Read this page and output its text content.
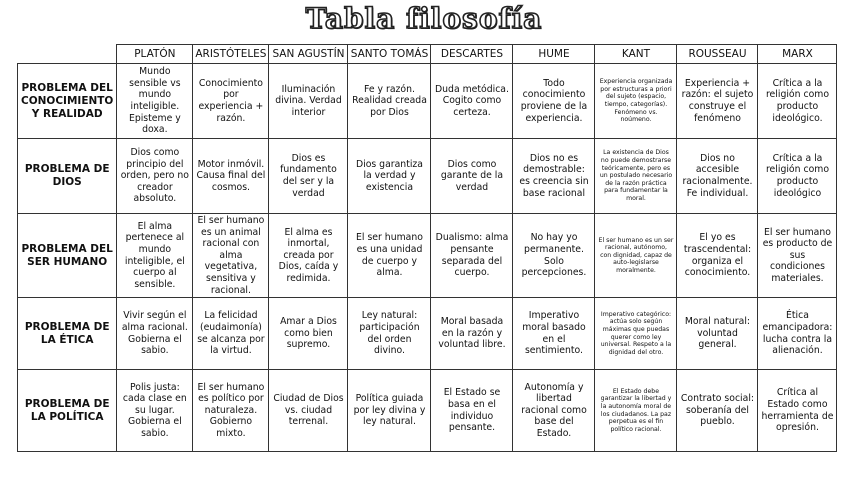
Tabla filosofía
	PLATÓN	ARISTÓTELES	SAN AGUSTÍN	SANTO TOMÁS	DESCARTES	HUME	KANT	ROUSSEAU	MARX
PROBLEMA DEL CONOCIMIENTO Y REALIDAD	Mundo sensible vs mundo inteligible. Episteme y doxa.	Conocimiento por experiencia + razón.	Iluminación divina. Verdad interior	Fe y razón. Realidad creada por Dios	Duda metódica. Cogito como certeza.	Todo conocimiento proviene de la experiencia.	Experiencia organizada por estructuras a priori del sujeto (espacio, tiempo, categorías). Fenómeno vs. noúmeno.	Experiencia + razón: el sujeto construye el fenómeno	Crítica a la religión como producto ideológico.
PROBLEMA DE DIOS	Dios como principio del orden, pero no creador absoluto.	Motor inmóvil. Causa final del cosmos.	Dios es fundamento del ser y la verdad	Dios garantiza la verdad y existencia	Dios como garante de la verdad	Dios no es demostrable: es creencia sin base racional	La existencia de Dios no puede demostrarse teóricamente, pero es un postulado necesario de la razón práctica para fundamentar la moral.	Dios no accesible racionalmente. Fe individual.	Crítica a la religión como producto ideológico
PROBLEMA DEL SER HUMANO	El alma pertenece al mundo inteligible, el cuerpo al sensible.	El ser humano es un animal racional con alma vegetativa, sensitiva y racional.	El alma es inmortal, creada por Dios, caída y redimida.	El ser humano es una unidad de cuerpo y alma.	Dualismo: alma pensante separada del cuerpo.	No hay yo permanente. Solo percepciones.	El ser humano es un ser racional, autónomo, con dignidad, capaz de auto-legislarse moralmente.	El yo es trascendental: organiza el conocimiento.	El ser humano es producto de sus condiciones materiales.
PROBLEMA DE LA ÉTICA	Vivir según el alma racional. Gobierna el sabio.	La felicidad (eudaimonía) se alcanza por la virtud.	Amar a Dios como bien supremo.	Ley natural: participación del orden divino.	Moral basada en la razón y voluntad libre.	Imperativo moral basado en el sentimiento.	Imperativo categórico: actúa solo según máximas que puedas querer como ley universal. Respeto a la dignidad del otro.	Moral natural: voluntad general.	Ética emancipadora: lucha contra la alienación.
PROBLEMA DE LA POLÍTICA	Polis justa: cada clase en su lugar. Gobierna el sabio.	El ser humano es político por naturaleza. Gobierno mixto.	Ciudad de Dios vs. ciudad terrenal.	Política guiada por ley divina y ley natural.	El Estado se basa en el individuo pensante.	Autonomía y libertad racional como base del Estado.	El Estado debe garantizar la libertad y la autonomía moral de los ciudadanos. La paz perpetua es el fin político racional.	Contrato social: soberanía del pueblo.	Crítica al Estado como herramienta de opresión.
